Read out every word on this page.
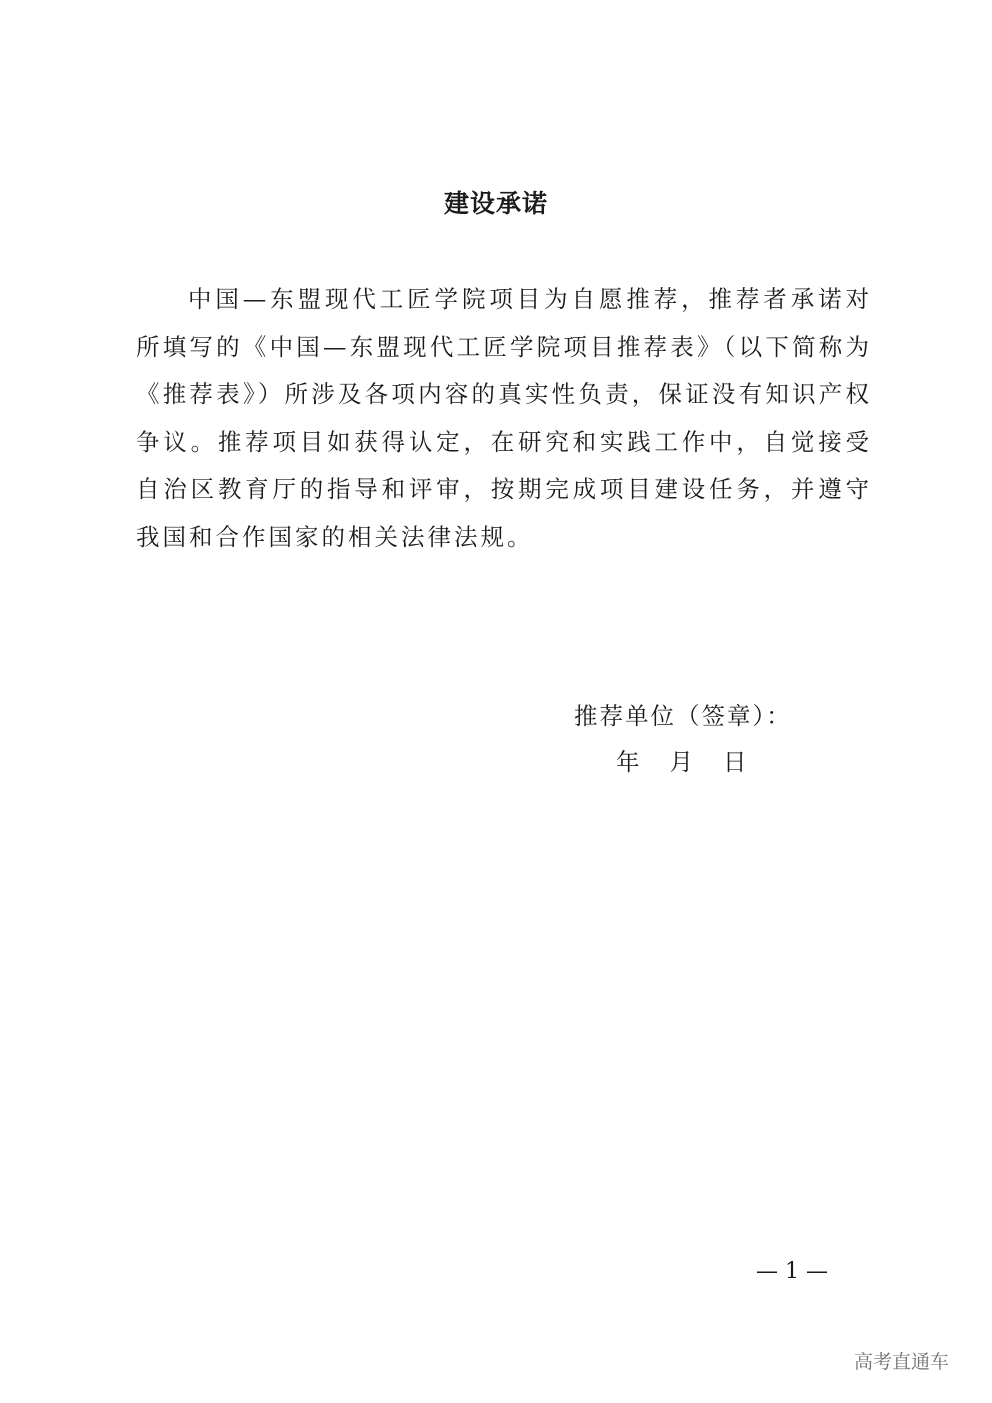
建设承诺

中国—东盟现代工匠学院项目为自愿推荐，推荐者承诺对所填写的《中国—东盟现代工匠学院项目推荐表》（以下简称为《推荐表》）所涉及各项内容的真实性负责，保证没有知识产权争议。推荐项目如获得认定，在研究和实践工作中，自觉接受自治区教育厅的指导和评审，按期完成项目建设任务，并遵守我国和合作国家的相关法律法规。

推荐单位（签章）：
年 月 日
— 1 —
高考直通车
